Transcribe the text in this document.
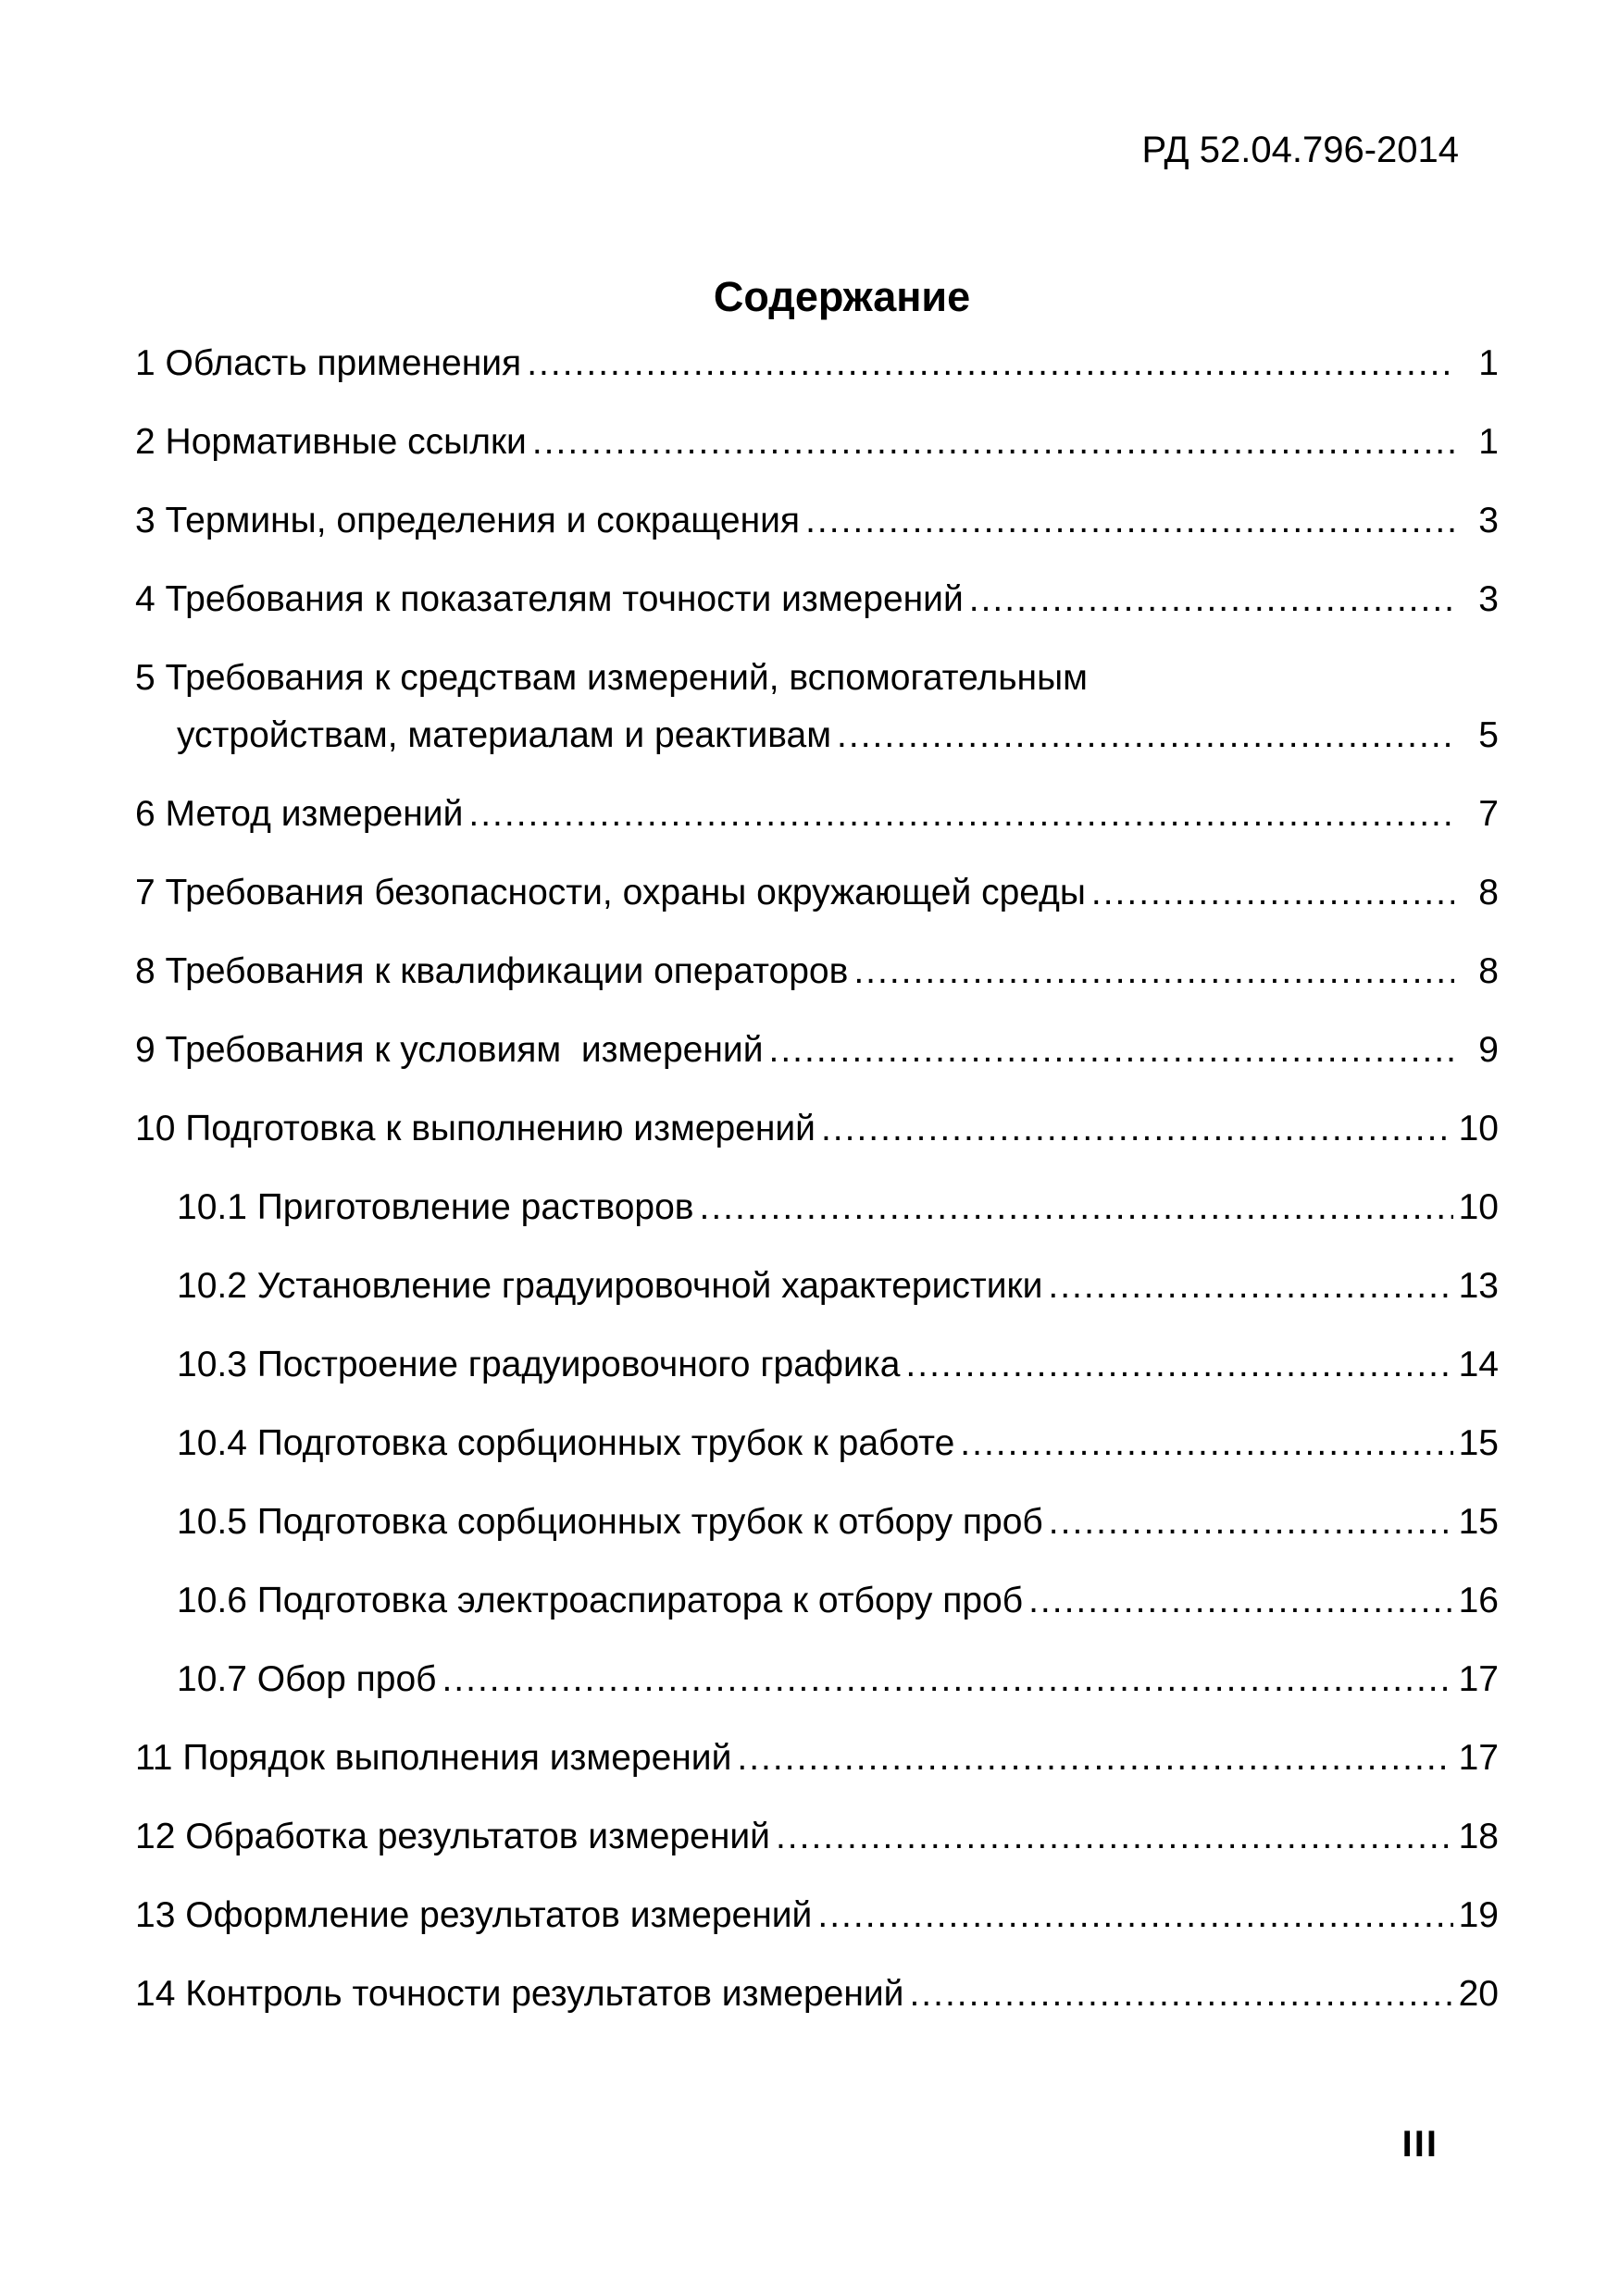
РД 52.04.796-2014
Содержание
1 Область применения .....	1
2 Нормативные ссылки .....	1
3 Термины, определения и сокращения .....	3
4 Требования к показателям точности измерений .....	3
5 Требования к средствам измерений, вспомогательным
устройствам, материалам и реактивам .....	5
6 Метод измерений .....	7
7 Требования безопасности, охраны окружающей среды .....	8
8 Требования к квалификации операторов .....	8
9 Требования к условиям  измерений .....	9
10 Подготовка к выполнению измерений .....	10
10.1 Приготовление растворов .....	10
10.2 Установление градуировочной характеристики .....	13
10.3 Построение градуировочного графика .....	14
10.4 Подготовка сорбционных трубок к работе .....	15
10.5 Подготовка сорбционных трубок к отбору проб .....	15
10.6 Подготовка электроаспиратора к отбору проб .....	16
10.7 Обор проб .....	17
11 Порядок выполнения измерений .....	17
12 Обработка результатов измерений .....	18
13 Оформление результатов измерений .....	19
14 Контроль точности результатов измерений .....	20
III
